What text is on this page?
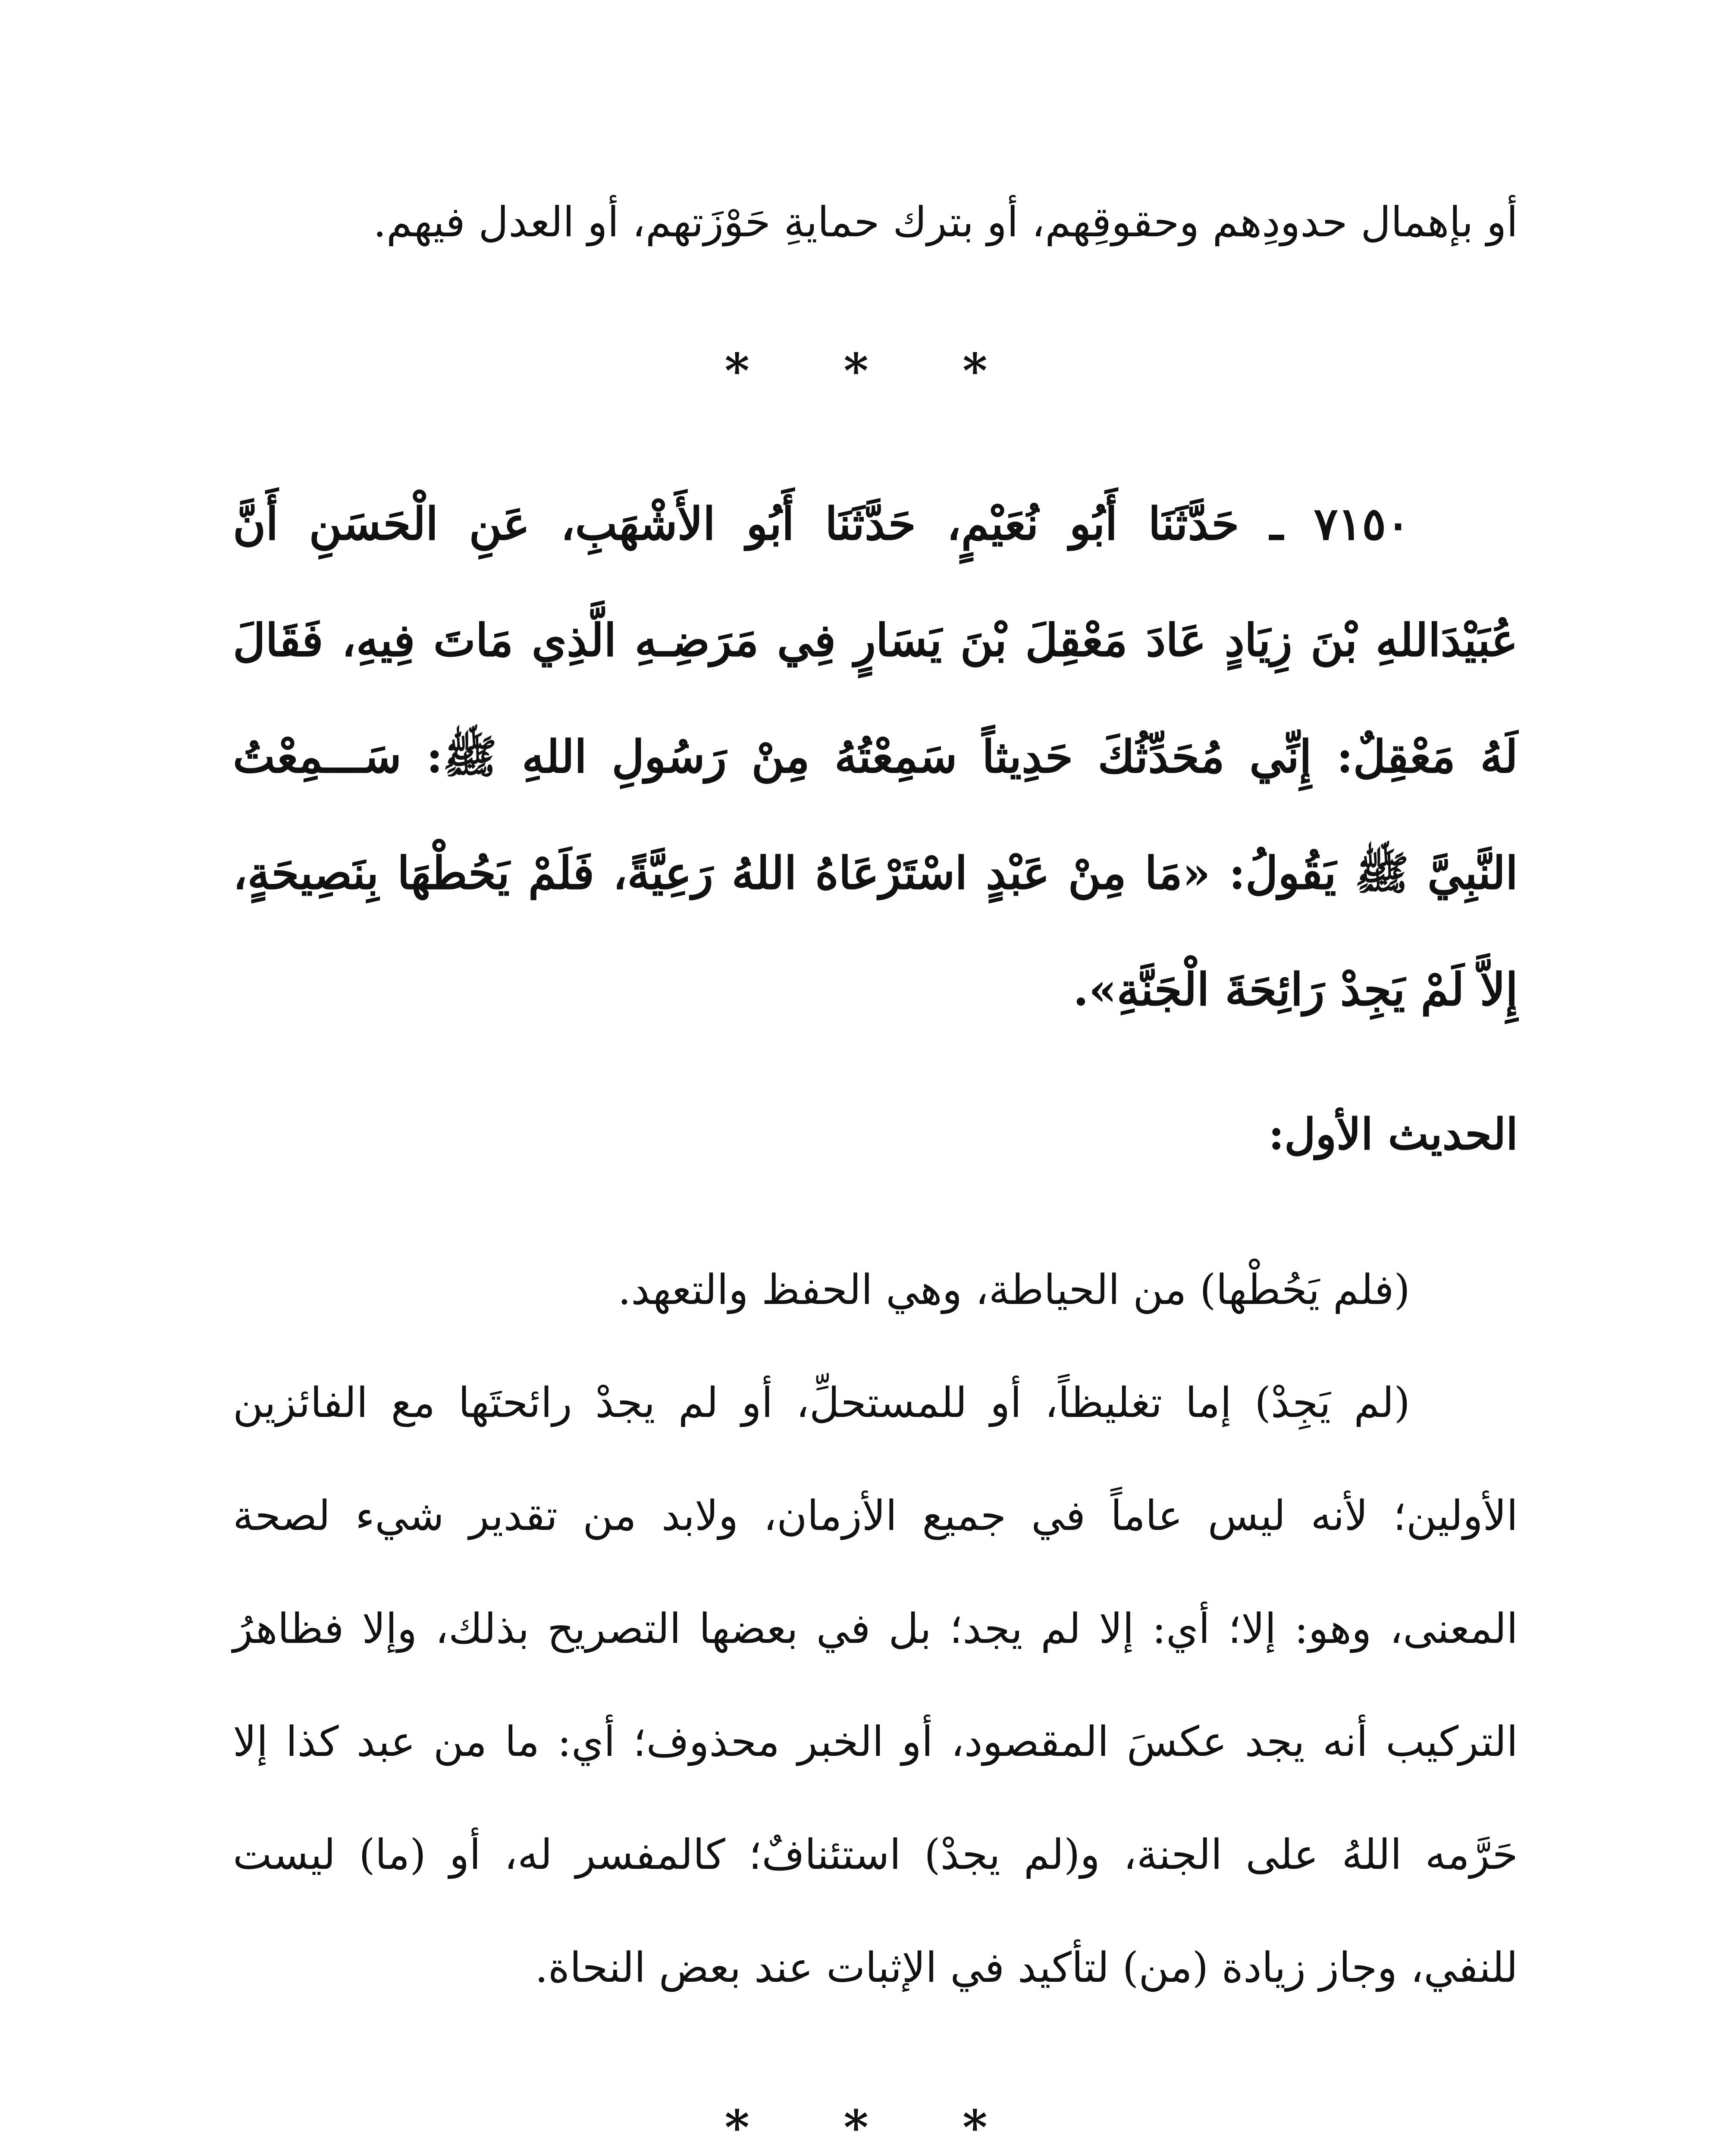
أو بإهمال حدودِهم وحقوقِهم، أو بترك حمايةِ حَوْزَتهم، أو العدل فيهم.

* * *

٧١٥٠ ـ حَدَّثَنَا أَبُو نُعَيْمٍ، حَدَّثَنَا أَبُو الأَشْهَبِ، عَنِ الْحَسَنِ أَنَّ عُبَيْدَاللهِ بْنَ زِيَادٍ عَادَ مَعْقِلَ بْنَ يَسَارٍ فِي مَرَضِـهِ الَّذِي مَاتَ فِيهِ، فَقَالَ لَهُ مَعْقِلٌ: إِنِّي مُحَدِّثُكَ حَدِيثاً سَمِعْتُهُ مِنْ رَسُولِ اللهِ ﷺ: سَـــمِعْتُ النَّبِيَّ ﷺ يَقُولُ: «مَا مِنْ عَبْدٍ اسْتَرْعَاهُ اللهُ رَعِيَّةً، فَلَمْ يَحُطْهَا بِنَصِيحَةٍ، إِلاَّ لَمْ يَجِدْ رَائِحَةَ الْجَنَّةِ».

الحديث الأول:

(فلم يَحُطْها) من الحياطة، وهي الحفظ والتعهد.

(لم يَجِدْ) إما تغليظاً، أو للمستحلِّ، أو لم يجدْ رائحتَها مع الفائزين الأولين؛ لأنه ليس عاماً في جميع الأزمان، ولابد من تقدير شيء لصحة المعنى، وهو: إلا؛ أي: إلا لم يجد؛ بل في بعضها التصريح بذلك، وإلا فظاهرُ التركيب أنه يجد عكسَ المقصود، أو الخبر محذوف؛ أي: ما من عبد كذا إلا حَرَّمه اللهُ على الجنة، و(لم يجدْ) استئنافٌ؛ كالمفسر له، أو (ما) ليست للنفي، وجاز زيادة (من) لتأكيد في الإثبات عند بعض النحاة.

* * *
